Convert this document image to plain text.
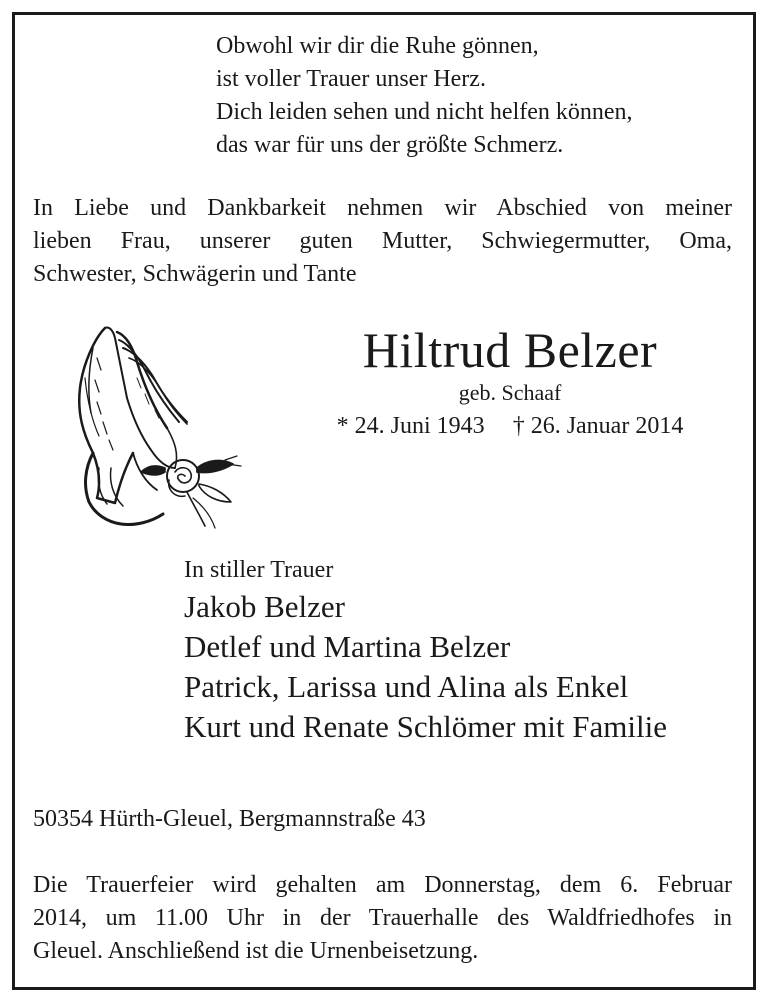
Obwohl wir dir die Ruhe gönnen,
ist voller Trauer unser Herz.
Dich leiden sehen und nicht helfen können,
das war für uns der größte Schmerz.
In Liebe und Dankbarkeit nehmen wir Abschied von meiner
lieben Frau, unserer guten Mutter, Schwiegermutter, Oma,
Schwester, Schwägerin und Tante
Hiltrud Belzer
geb. Schaaf
* 24. Juni 1943 † 26. Januar 2014
In stiller Trauer
Jakob Belzer
Detlef und Martina Belzer
Patrick, Larissa und Alina als Enkel
Kurt und Renate Schlömer mit Familie
50354 Hürth-Gleuel, Bergmannstraße 43
Die Trauerfeier wird gehalten am Donnerstag, dem 6. Februar
2014, um 11.00 Uhr in der Trauerhalle des Waldfriedhofes in
Gleuel. Anschließend ist die Urnenbeisetzung.
